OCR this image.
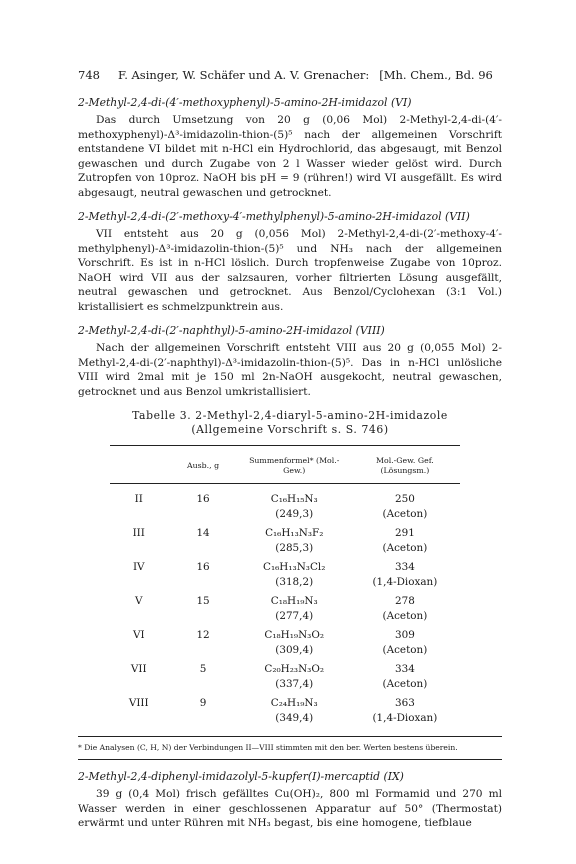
748	F. Asinger, W. Schäfer und A. V. Grenacher: [Mh. Chem., Bd. 96
2-Methyl-2,4-di-(4′-methoxyphenyl)-5-amino-2H-imidazol (VI)

Das durch Umsetzung von 20 g (0,06 Mol) 2-Methyl-2,4-di-(4′-methoxyphenyl)-Δ³-imidazolin-thion-(5)⁵ nach der allgemeinen Vorschrift entstandene VI bildet mit n-HCl ein Hydrochlorid, das abgesaugt, mit Benzol gewaschen und durch Zugabe von 2 l Wasser wieder gelöst wird. Durch Zutropfen von 10proz. NaOH bis pH = 9 (rühren!) wird VI ausgefällt. Es wird abgesaugt, neutral gewaschen und getrocknet.

2-Methyl-2,4-di-(2′-methoxy-4′-methylphenyl)-5-amino-2H-imidazol (VII)

VII entsteht aus 20 g (0,056 Mol) 2-Methyl-2,4-di-(2′-methoxy-4′-methylphenyl)-Δ³-imidazolin-thion-(5)⁵ und NH₃ nach der allgemeinen Vorschrift. Es ist in n-HCl löslich. Durch tropfenweise Zugabe von 10proz. NaOH wird VII aus der salzsauren, vorher filtrierten Lösung ausgefällt, neutral gewaschen und getrocknet. Aus Benzol/Cyclohexan (3:1 Vol.) kristallisiert es schmelzpunktrein aus.

2-Methyl-2,4-di-(2′-naphthyl)-5-amino-2H-imidazol (VIII)

Nach der allgemeinen Vorschrift entsteht VIII aus 20 g (0,055 Mol) 2-Methyl-2,4-di-(2′-naphthyl)-Δ³-imidazolin-thion-(5)⁵. Das in n-HCl unlösliche VIII wird 2mal mit je 150 ml 2n-NaOH ausgekocht, neutral gewaschen, getrocknet und aus Benzol umkristallisiert.

Tabelle 3. 2-Methyl-2,4-diaryl-5-amino-2H-imidazole
(Allgemeine Vorschrift s. S. 746)

	Ausb., g	Summenformel* (Mol.-Gew.)	Mol.-Gew. Gef. (Lösungsm.)

II	16	C₁₆H₁₅N₃	250
		(249,3)	(Aceton)
III	14	C₁₆H₁₃N₃F₂	291
		(285,3)	(Aceton)
IV	16	C₁₆H₁₃N₃Cl₂	334
		(318,2)	(1,4-Dioxan)
V	15	C₁₈H₁₉N₃	278
		(277,4)	(Aceton)
VI	12	C₁₈H₁₉N₃O₂	309
		(309,4)	(Aceton)
VII	5	C₂₀H₂₃N₃O₂	334
		(337,4)	(Aceton)
VIII	9	C₂₄H₁₉N₃	363
		(349,4)	(1,4-Dioxan)
* Die Analysen (C, H, N) der Verbindungen II—VIII stimmten mit den ber. Werten bestens überein.
2-Methyl-2,4-diphenyl-imidazolyl-5-kupfer(I)-mercaptid (IX)

39 g (0,4 Mol) frisch gefälltes Cu(OH)₂, 800 ml Formamid und 270 ml Wasser werden in einer geschlossenen Apparatur auf 50° (Thermostat) erwärmt und unter Rühren mit NH₃ begast, bis eine homogene, tiefblaue
